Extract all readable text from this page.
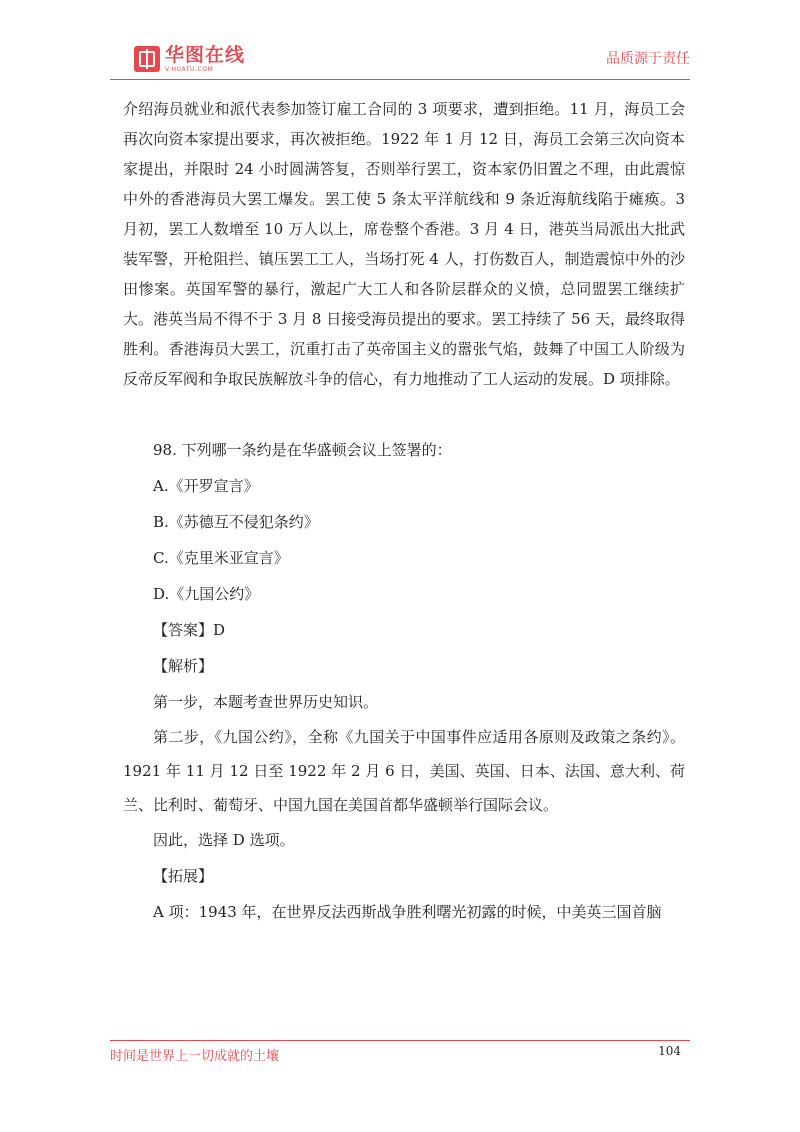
华图在线
V.HUATU.COM
品质源于责任

介绍海员就业和派代表参加签订雇工合同的 3 项要求，遭到拒绝。11 月，海员工会再次向资本家提出要求，再次被拒绝。1922 年 1 月 12 日，海员工会第三次向资本家提出，并限时 24 小时圆满答复，否则举行罢工，资本家仍旧置之不理，由此震惊中外的香港海员大罢工爆发。罢工使 5 条太平洋航线和 9 条近海航线陷于瘫痪。3 月初，罢工人数增至 10 万人以上，席卷整个香港。3 月 4 日，港英当局派出大批武装军警，开枪阻拦、镇压罢工工人，当场打死 4 人，打伤数百人，制造震惊中外的沙田惨案。英国军警的暴行，激起广大工人和各阶层群众的义愤，总同盟罢工继续扩大。港英当局不得不于 3 月 8 日接受海员提出的要求。罢工持续了 56 天，最终取得胜利。香港海员大罢工，沉重打击了英帝国主义的嚣张气焰，鼓舞了中国工人阶级为反帝反军阀和争取民族解放斗争的信心，有力地推动了工人运动的发展。D 项排除。

98. 下列哪一条约是在华盛顿会议上签署的：

A.《开罗宣言》

B.《苏德互不侵犯条约》

C.《克里米亚宣言》

D.《九国公约》

【答案】D

【解析】

第一步，本题考查世界历史知识。

第二步，《九国公约》，全称《九国关于中国事件应适用各原则及政策之条约》。1921 年 11 月 12 日至 1922 年 2 月 6 日，美国、英国、日本、法国、意大利、荷兰、比利时、葡萄牙、中国九国在美国首都华盛顿举行国际会议。

因此，选择 D 选项。

【拓展】

A 项：1943 年，在世界反法西斯战争胜利曙光初露的时候，中美英三国首脑

时间是世界上一切成就的土壤	104
